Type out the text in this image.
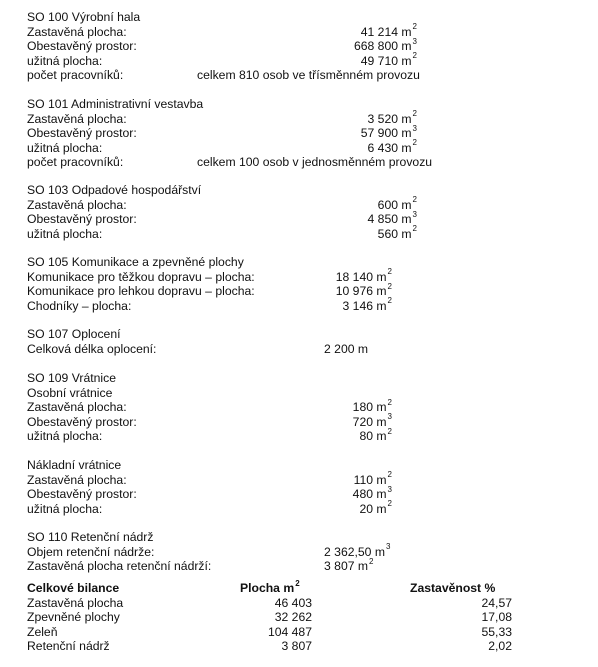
SO 100 Výrobní hala
Zastavěná plocha:	41 214 $m^2$
Obestavěný prostor:	668 800 $m^3$
užitná plocha:	49 710 $m^2$
počet pracovníků:	celkem 810 osob ve třísměnném provozu
SO 101 Administrativní vestavba
Zastavěná plocha:	3 520 $m^2$
Obestavěný prostor:	57 900 $m^3$
užitná plocha:	6 430 $m^2$
počet pracovníků:	celkem 100 osob v jednosměnném provozu
SO 103 Odpadové hospodářství
Zastavěná plocha:	600 $m^2$
Obestavěný prostor:	4 850 $m^3$
užitná plocha:	560 $m^2$
SO 105 Komunikace a zpevněné plochy
Komunikace pro těžkou dopravu – plocha:	18 140 $m^2$
Komunikace pro lehkou dopravu – plocha:	10 976 $m^2$
Chodníky – plocha:	3 146 $m^2$
SO 107 Oplocení
Celková délka oplocení:	2 200 m
SO 109 Vrátnice
Osobní vrátnice
Zastavěná plocha:	180 $m^2$
Obestavěný prostor:	720 $m^3$
užitná plocha:	80 $m^2$
Nákladní vrátnice
Zastavěná plocha:	110 $m^2$
Obestavěný prostor:	480 $m^3$
užitná plocha:	20 $m^2$
SO 110 Retenční nádrž
Objem retenční nádrže:	2 362,50 $m^3$
Zastavěná plocha retenční nádrží:	3 807 $m^2$
Celkové bilance	Plocha $m^2$	Zastavěnost %
Zastavěná plocha	46 403	24,57
Zpevněné plochy	32 262	17,08
Zeleň	104 487	55,33
Retenční nádrž	3 807	2,02
